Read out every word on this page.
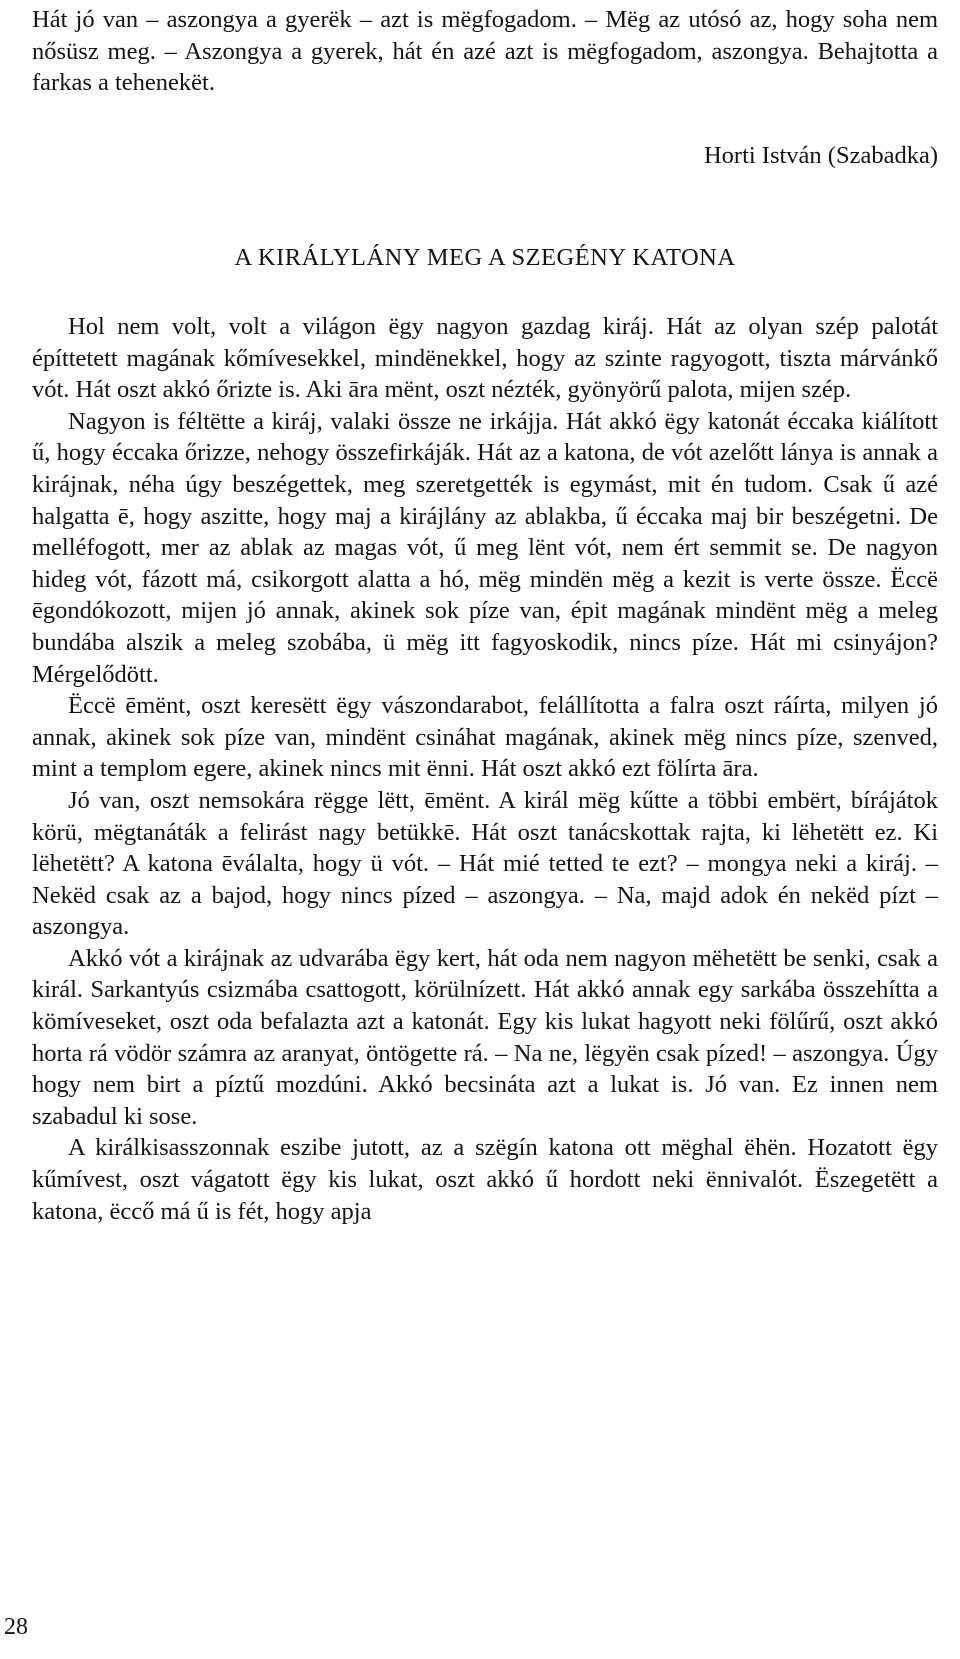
Hát jó van – aszongya a gyerëk – azt is mëgfogadom. – Mëg az utósó az, hogy soha nem nősüsz meg. – Aszongya a gyerek, hát én azé azt is mëgfogadom, aszongya. Behajtotta a farkas a tehenekët.

Horti István (Szabadka)

A KIRÁLYLÁNY MEG A SZEGÉNY KATONA

Hol nem volt, volt a világon ëgy nagyon gazdag kiráj. Hát az olyan szép palotát építtetett magának kőmívesekkel, mindënekkel, hogy az szinte ragyogott, tiszta márvánkő vót. Hát oszt akkó őrizte is. Aki āra mënt, oszt nézték, gyönyörű palota, mijen szép.

Nagyon is féltëtte a kiráj, valaki össze ne irkájja. Hát akkó ëgy katonát éccaka kiálított ű, hogy éccaka őrizze, nehogy összefirkáják. Hát az a katona, de vót azelőtt lánya is annak a kirájnak, néha úgy beszégettek, meg szeretgették is egymást, mit én tudom. Csak ű azé halgatta ē, hogy aszitte, hogy maj a kirájlány az ablakba, ű éccaka maj bir beszégetni. De melléfogott, mer az ablak az magas vót, ű meg lënt vót, nem ért semmit se. De nagyon hideg vót, fázott má, csikorgott alatta a hó, mëg mindën mëg a kezit is verte össze. Ëccë ēgondókozott, mijen jó annak, akinek sok píze van, épit magának mindënt mëg a meleg bundába alszik a meleg szobába, ü mëg itt fagyoskodik, nincs píze. Hát mi csinyájon? Mérgelődött.

Ëccë ēmënt, oszt keresëtt ëgy vászondarabot, felállította a falra oszt ráírta, milyen jó annak, akinek sok píze van, mindënt csináhat magának, akinek mëg nincs píze, szenved, mint a templom egere, akinek nincs mit ënni. Hát oszt akkó ezt fölírta āra.

Jó van, oszt nemsokára rëgge lëtt, ēmënt. A királ mëg kűtte a többi embërt, bírájátok körü, mëgtanáták a felirást nagy betükkē. Hát oszt tanácskottak rajta, ki lëhetëtt ez. Ki lëhetëtt? A katona ēválalta, hogy ü vót. – Hát mié tetted te ezt? – mongya neki a kiráj. – Nekëd csak az a bajod, hogy nincs pízed – aszongya. – Na, majd adok én nekëd pízt – aszongya.

Akkó vót a kirájnak az udvarába ëgy kert, hát oda nem nagyon mëhetëtt be senki, csak a királ. Sarkantyús csizmába csattogott, körülnízett. Hát akkó annak egy sarkába összehítta a kömíveseket, oszt oda befalazta azt a katonát. Egy kis lukat hagyott neki fölűrű, oszt akkó horta rá vödör számra az aranyat, öntögette rá. – Na ne, lëgyën csak pízed! – aszongya. Úgy hogy nem birt a píztű mozdúni. Akkó becsináta azt a lukat is. Jó van. Ez innen nem szabadul ki sose.

A királkisasszonnak eszibe jutott, az a szëgín katona ott mëghal ëhën. Hozatott ëgy kűmívest, oszt vágatott ëgy kis lukat, oszt akkó ű hordott neki ënnivalót. Ëszegetëtt a katona, ëccő má ű is fét, hogy apja

28
